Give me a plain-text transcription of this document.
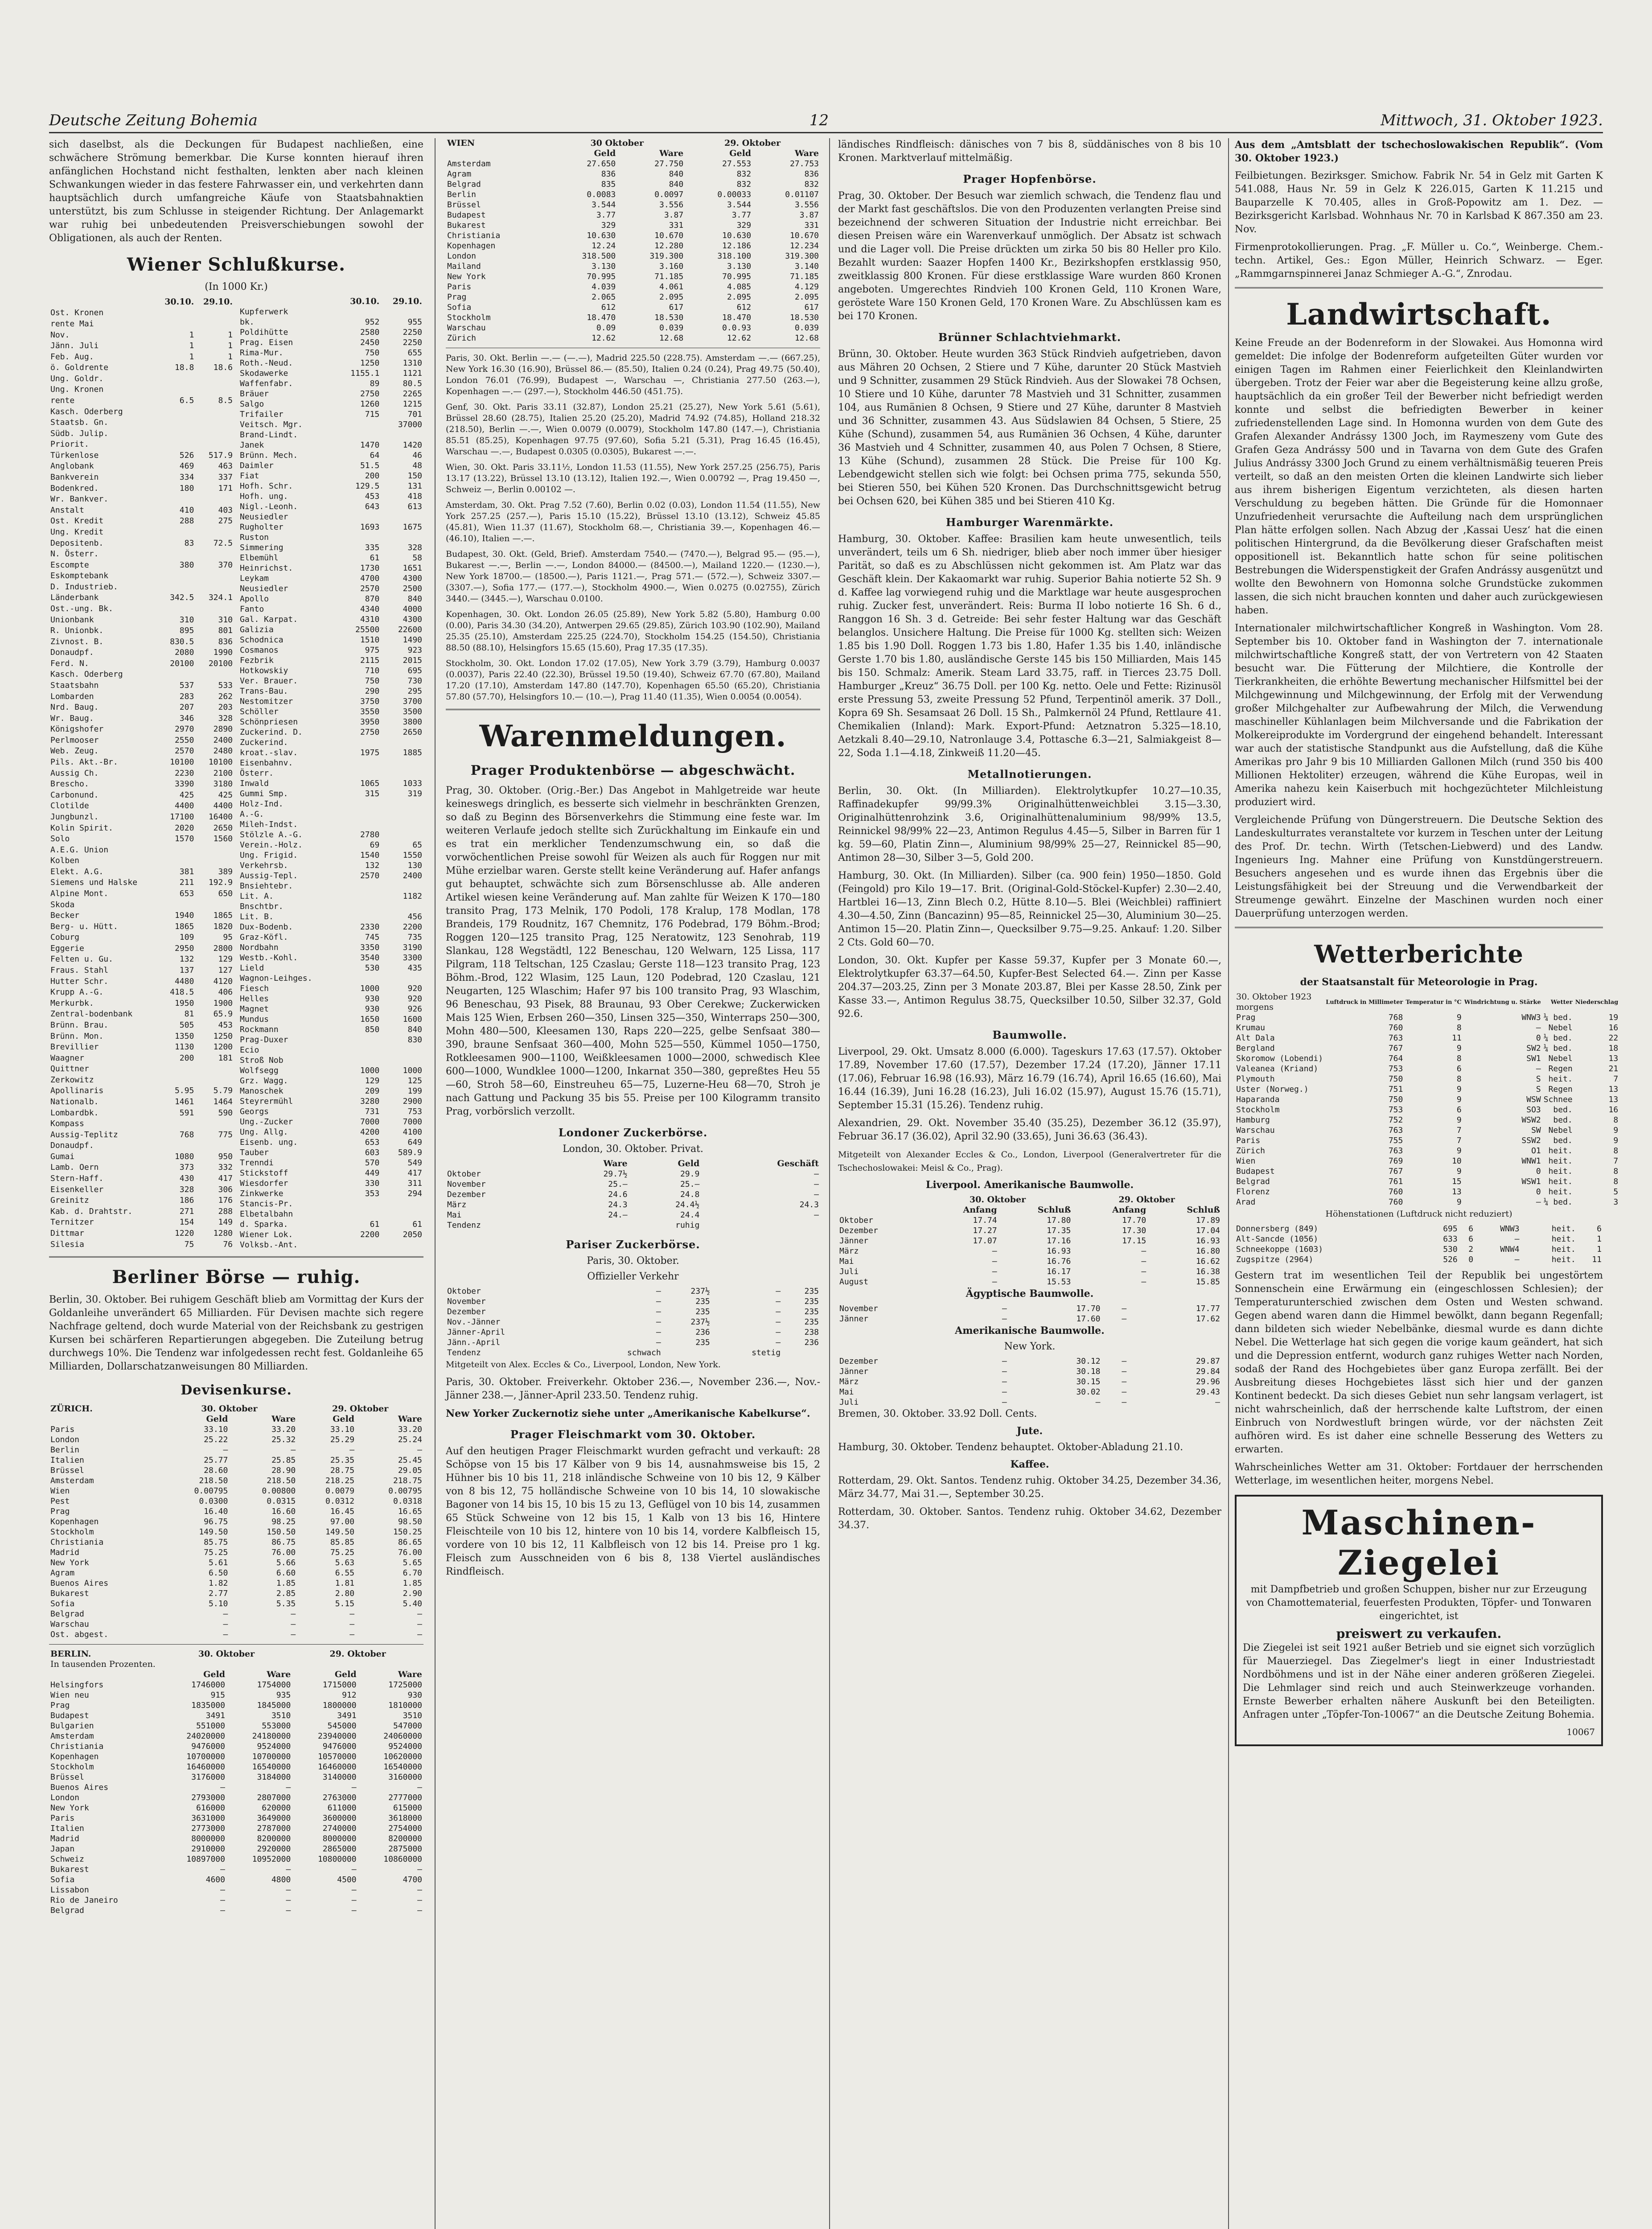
Deutsche Zeitung Bohemia	12	Mittwoch, 31. Oktober 1923.

sich daselbst, als die Deckungen für Budapest nachließen, eine schwächere Strömung bemerkbar. Die Kurse konnten hierauf ihren anfänglichen Hochstand nicht festhalten, lenkten aber nach kleinen Schwankungen wieder in das festere Fahrwasser ein, und verkehrten dann hauptsächlich durch umfangreiche Käufe von Staatsbahnaktien unterstützt, bis zum Schlusse in steigender Richtung. Der Anlagemarkt war ruhig bei unbedeutenden Preisverschiebungen sowohl der Obligationen, als auch der Renten.

Wiener Schlußkurse.
(In 1000 Kr.)
	30.10.	29.10.
Ost. Kronen		
rente Mai		
Nov.	1	1
Jänn. Juli	1	1
Feb. Aug.	1	1
ö. Goldrente	18.8	18.6
Ung. Goldr.		
Ung. Kronen		
rente	6.5	8.5
Kasch. Oderberg		
Staatsb. Gn.		
Südb. Julip.		
Priorit.		
Türkenlose	526	517.9
Anglobank	469	463
Bankverein	334	337
Bodenkred.	180	171
Wr. Bankver.		
Anstalt	410	403
Ost. Kredit	288	275
Ung. Kredit		
Depositenb.	83	72.5
N. Österr.		
Escompte	380	370
Eskomptebank		
D. Industrieb.		
Länderbank	342.5	324.1
Ost.-ung. Bk.		
Unionbank	310	310
R. Unionbk.	895	801
Zivnost. B.	830.5	836
Donaudpf.	2080	1990
Ferd. N.	20100	20100
Kasch. Oderberg		
Staatsbahn	537	533
Lombarden	283	262
Nrd. Baug.	207	203
Wr. Baug.	346	328
Königshofer	2970	2890
Perlmooser	2550	2400
Web. Zeug.	2570	2480
Pils. Akt.-Br.	10100	10100
Aussig Ch.	2230	2100
Brescho.	3390	3180
Carbonund.	425	425
Clotilde	4400	4400
Jungbunzl.	17100	16400
Kolin Spirit.	2020	2650
Solo	1570	1560
A.E.G. Union		
Kolben		
Elekt. A.G.	381	389
Siemens und Halske	211	192.9
Alpine Mont.	653	650
Skoda		
Becker	1940	1865
Berg- u. Hütt.	1865	1820
Coburg	109	95
Eggerie	2950	2800
Felten u. Gu.	132	129
Fraus. Stahl	137	127
Hutter Schr.	4480	4120
Krupp A.-G.	418.5	406
Merkurbk.	1950	1900
Zentral-bodenbank	81	65.9
Brünn. Brau.	505	453
Brünn. Mon.	1350	1250
Brevillier	1130	1200
Waagner	200	181
Quittner		
Zerkowitz		
Apollinaris	5.95	5.79
Nationalb.	1461	1464
Lombardbk.	591	590
Kompass		
Aussig-Teplitz	768	775
Donaudpf.		
Gumai	1080	950
Lamb. Oern	373	332
Stern-Haff.	430	417
Eisenkeller	328	306
Greinitz	186	176
Kab. d. Drahtstr.	271	288
Ternitzer	154	149
Dittmar	1220	1280
Silesia	75	76
	30.10.	29.10.
Kupferwerk		
bk.	952	955
Poldihütte	2580	2250
Prag. Eisen	2450	2250
Rima-Mur.	750	655
Roth.-Neud.	1250	1310
Skodawerke	1155.1	1121
Waffenfabr.	89	80.5
Bräuer	2750	2265
Salgo	1260	1215
Trifailer	715	701
Veitsch. Mgr.		37000
Brand-Lindt.		
Janek	1470	1420
Brünn. Mech.	64	46
Daimler	51.5	48
Fiat	200	150
Hofh. Schr.	129.5	131
Hofh. ung.	453	418
Nigl.-Leonh.	643	613
Neusiedler		
Rugholter	1693	1675
Ruston		
Simmering	335	328
Elbemühl	61	58
Heinrichst.	1730	1651
Leykam	4700	4300
Neusiedler	2570	2500
Apollo	870	840
Fanto	4340	4000
Gal. Karpat.	4310	4300
Galizia	25500	22600
Schodnica	1510	1490
Cosmanos	975	923
Fezbrik	2115	2015
Hotkowskiy	710	695
Ver. Brauer.	750	730
Trans-Bau.	290	295
Nestomitzer	3750	3700
Schöller	3550	3500
Schönpriesen	3950	3800
Zuckerind. D.	2750	2650
Zuckerind.		
kroat.-slav.	1975	1885
Eisenbahnv.		
Österr.		
Inwald	1065	1033
Gummi Smp.	315	319
Holz-Ind.		
A.-G.		
Mileh-Indst.		
Stölzle A.-G.	2780	
Verein.-Holz.	69	65
Ung. Frigid.	1540	1550
Verkehrsb.	132	130
Aussig-Tepl.	2570	2400
Bnsiehtebr.		
Lit. A.		1182
Bnschtbr.		
Lit. B.		456
Dux-Bodenb.	2330	2200
Graz-Köfl.	745	735
Nordbahn	3350	3190
Westb.-Kohl.	3540	3300
Lield	530	435
Wagnon-Leihges.		
Fiesch	1000	920
Helles	930	920
Magnet	930	926
Mundus	1650	1600
Rockmann	850	840
Prag-Duxer		830
Ecio		
Stroß Nob		
Wolfsegg	1000	1000
Grz. Wagg.	129	125
Manoschek	209	199
Steyrermühl	3280	2900
Georgs	731	753
Ung.-Zucker	7000	7000
Ung. Allg.	4200	4100
Eisenb. ung.	653	649
Tauber	603	589.9
Trenndi	570	549
Stickstoff	449	417
Wiesdorfer	330	311
Zinkwerke	353	294
Stancis-Pr.		
Elbetalbahn		
d. Sparka.	61	61
Wiener Lok.	2200	2050
Volksb.-Ant.		
Berliner Börse — ruhig.

Berlin, 30. Oktober. Bei ruhigem Geschäft blieb am Vormittag der Kurs der Goldanleihe unverändert 65 Milliarden. Für Devisen machte sich regere Nachfrage geltend, doch wurde Material von der Reichsbank zu gestrigen Kursen bei schärferen Repartierungen abgegeben. Die Zuteilung betrug durchwegs 10%. Die Tendenz war infolgedessen recht fest. Goldanleihe 65 Milliarden, Dollarschatzanweisungen 80 Milliarden.

Devisenkurse.
ZÜRICH.	30. Oktober		29. Oktober	
	Geld	Ware	Geld	Ware
Paris	33.10	33.20	33.10	33.20
London	25.22	25.32	25.29	25.24
Berlin	—	—	—	—
Italien	25.77	25.85	25.35	25.45
Brüssel	28.60	28.90	28.75	29.05
Amsterdam	218.50	218.50	218.25	218.75
Wien	0.00795	0.00800	0.0079	0.00795
Pest	0.0300	0.0315	0.0312	0.0318
Prag	16.40	16.60	16.45	16.65
Kopenhagen	96.75	98.25	97.00	98.50
Stockholm	149.50	150.50	149.50	150.25
Christiania	85.75	86.75	85.85	86.65
Madrid	75.25	76.00	75.25	76.00
New York	5.61	5.66	5.63	5.65
Agram	6.50	6.60	6.55	6.70
Buenos Aires	1.82	1.85	1.81	1.85
Bukarest	2.77	2.85	2.80	2.90
Sofia	5.10	5.35	5.15	5.40
Belgrad	—	—	—	—
Warschau	—	—	—	—
Ost. abgest.	—	—	—	—
BERLIN.	30. Oktober		29. Oktober	
In tausenden Prozenten.				
	Geld	Ware	Geld	Ware
Helsingfors	1746000	1754000	1715000	1725000
Wien neu	915	935	912	930
Prag	1835000	1845000	1800000	1810000
Budapest	3491	3510	3491	3510
Bulgarien	551000	553000	545000	547000
Amsterdam	24020000	24180000	23940000	24060000
Christiania	9476000	9524000	9476000	9524000
Kopenhagen	10700000	10700000	10570000	10620000
Stockholm	16460000	16540000	16460000	16540000
Brüssel	3176000	3184000	3140000	3160000
Buenos Aires	—	—	—	—
London	2793000	2807000	2763000	2777000
New York	616000	620000	611000	615000
Paris	3631000	3649000	3600000	3618000
Italien	2773000	2787000	2740000	2754000
Madrid	8000000	8200000	8000000	8200000
Japan	2910000	2920000	2865000	2875000
Schweiz	10897000	10952000	10800000	10860000
Bukarest	—	—	—	—
Sofia	4600	4800	4500	4700
Lissabon	—	—	—	—
Rio de Janeiro	—	—	—	—
Belgrad	—	—	—	—
WIEN	30 Oktober		29. Oktober	
	Geld	Ware	Geld	Ware
Amsterdam	27.650	27.750	27.553	27.753
Agram	836	840	832	836
Belgrad	835	840	832	832
Berlin	0.0083	0.0097	0.00033	0.01107
Brüssel	3.544	3.556	3.544	3.556
Budapest	3.77	3.87	3.77	3.87
Bukarest	329	331	329	331
Christiania	10.630	10.670	10.630	10.670
Kopenhagen	12.24	12.280	12.186	12.234
London	318.500	319.300	318.100	319.300
Mailand	3.130	3.160	3.130	3.140
New York	70.995	71.185	70.995	71.185
Paris	4.039	4.061	4.085	4.129
Prag	2.065	2.095	2.095	2.095
Sofia	612	617	612	617
Stockholm	18.470	18.530	18.470	18.530
Warschau	0.09	0.039	0.0.93	0.039
Zürich	12.62	12.68	12.62	12.68

Paris, 30. Okt. Berlin —.— (—.—), Madrid 225.50 (228.75). Amsterdam —.— (667.25), New York 16.30 (16.90), Brüssel 86.— (85.50), Italien 0.24 (0.24), Prag 49.75 (50.40), London 76.01 (76.99), Budapest —, Warschau —, Christiania 277.50 (263.—), Kopenhagen —.— (297.—), Stockholm 446.50 (451.75).

Genf, 30. Okt. Paris 33.11 (32.87), London 25.21 (25.27), New York 5.61 (5.61), Brüssel 28.60 (28.75), Italien 25.20 (25.20), Madrid 74.92 (74.85), Holland 218.32 (218.50), Berlin —.—, Wien 0.0079 (0.0079), Stockholm 147.80 (147.—), Christiania 85.51 (85.25), Kopenhagen 97.75 (97.60), Sofia 5.21 (5.31), Prag 16.45 (16.45), Warschau —.—, Budapest 0.0305 (0.0305), Bukarest —.—.

Wien, 30. Okt. Paris 33.11½, London 11.53 (11.55), New York 257.25 (256.75), Paris 13.17 (13.22), Brüssel 13.10 (13.12), Italien 192.—, Wien 0.00792 —, Prag 19.450 —, Schweiz —, Berlin 0.00102 —.

Amsterdam, 30. Okt. Prag 7.52 (7.60), Berlin 0.02 (0.03), London 11.54 (11.55), New York 257.25 (257.—), Paris 15.10 (15.22), Brüssel 13.10 (13.12), Schweiz 45.85 (45.81), Wien 11.37 (11.67), Stockholm 68.—, Christiania 39.—, Kopenhagen 46.— (46.10), Italien —.—.

Budapest, 30. Okt. (Geld, Brief). Amsterdam 7540.— (7470.—), Belgrad 95.— (95.—), Bukarest —.—, Berlin —.—, London 84000.— (84500.—), Mailand 1220.— (1230.—), New York 18700.— (18500.—), Paris 1121.—, Prag 571.— (572.—), Schweiz 3307.— (3307.—), Sofia 177.— (177.—), Stockholm 4900.—, Wien 0.0275 (0.02755), Zürich 3440.— (3445.—), Warschau 0.0100.

Kopenhagen, 30. Okt. London 26.05 (25.89), New York 5.82 (5.80), Hamburg 0.00 (0.00), Paris 34.30 (34.20), Antwerpen 29.65 (29.85), Zürich 103.90 (102.90), Mailand 25.35 (25.10), Amsterdam 225.25 (224.70), Stockholm 154.25 (154.50), Christiania 88.50 (88.10), Helsingfors 15.65 (15.60), Prag 17.35 (17.35).

Stockholm, 30. Okt. London 17.02 (17.05), New York 3.79 (3.79), Hamburg 0.0037 (0.0037), Paris 22.40 (22.30), Brüssel 19.50 (19.40), Schweiz 67.70 (67.80), Mailand 17.20 (17.10), Amsterdam 147.80 (147.70), Kopenhagen 65.50 (65.20), Christiania 57.80 (57.70), Helsingfors 10.— (10.—), Prag 11.40 (11.35), Wien 0.0054 (0.0054).

Warenmeldungen.
Prager Produktenbörse — abgeschwächt.

Prag, 30. Oktober. (Orig.-Ber.) Das Angebot in Mahlgetreide war heute keineswegs dringlich, es besserte sich vielmehr in beschränkten Grenzen, so daß zu Beginn des Börsenverkehrs die Stimmung eine feste war. Im weiteren Verlaufe jedoch stellte sich Zurückhaltung im Einkaufe ein und es trat ein merklicher Tendenzumschwung ein, so daß die vorwöchentlichen Preise sowohl für Weizen als auch für Roggen nur mit Mühe erzielbar waren. Gerste stellt keine Veränderung auf. Hafer anfangs gut behauptet, schwächte sich zum Börsenschlusse ab. Alle anderen Artikel wiesen keine Veränderung auf. Man zahlte für Weizen K 170—180 transito Prag, 173 Melnik, 170 Podoli, 178 Kralup, 178 Modlan, 178 Brandeis, 179 Roudnitz, 167 Chemnitz, 176 Podebrad, 179 Böhm.-Brod; Roggen 120—125 transito Prag, 125 Neratowitz, 123 Senohrab, 119 Slankau, 128 Wegstädtl, 122 Beneschau, 120 Welwarn, 125 Lissa, 117 Pilgram, 118 Teltschan, 125 Czaslau; Gerste 118—123 transito Prag, 123 Böhm.-Brod, 122 Wlasim, 125 Laun, 120 Podebrad, 120 Czaslau, 121 Neugarten, 125 Wlaschim; Hafer 97 bis 100 transito Prag, 93 Wlaschim, 96 Beneschau, 93 Pisek, 88 Braunau, 93 Ober Cerekwe; Zuckerwicken Mais 125 Wien, Erbsen 260—350, Linsen 325—350, Winterraps 250—300, Mohn 480—500, Kleesamen 130, Raps 220—225, gelbe Senfsaat 380—390, braune Senfsaat 360—400, Mohn 525—550, Kümmel 1050—1750, Rotkleesamen 900—1100, Weißkleesamen 1000—2000, schwedisch Klee 600—1000, Wundklee 1000—1200, Inkarnat 350—380, gepreßtes Heu 55—60, Stroh 58—60, Einstreuheu 65—75, Luzerne-Heu 68—70, Stroh je nach Gattung und Packung 35 bis 55. Preise per 100 Kilogramm transito Prag, vorbörslich verzollt.

Londoner Zuckerbörse.
London, 30. Oktober. Privat.
	Ware	Geld	Geschäft
Oktober	29.7½	29.9	—
November	25.—	25.—	—
Dezember	24.6	24.8	—
März	24.3	24.4½	24.3
Mai	24.—	24.4	—
Tendenz		ruhig	
Pariser Zuckerbörse.
Paris, 30. Oktober.
Offizieller Verkehr
Oktober	—	237½	—	235
November	—	235	—	235
Dezember	—	235	—	235
Nov.-Jänner	—	237½	—	235
Jänner-April	—	236	—	238
Jänn.-April	—	235	—	236
Tendenz	schwach		stetig	

Mitgeteilt von Alex. Eccles & Co., Liverpool, London, New York.

Paris, 30. Oktober. Freiverkehr. Oktober 236.—, November 236.—, Nov.-Jänner 238.—, Jänner-April 233.50. Tendenz ruhig.

New Yorker Zuckernotiz siehe unter „Amerikanische Kabelkurse“.

Prager Fleischmarkt vom 30. Oktober.

Auf den heutigen Prager Fleischmarkt wurden gefracht und verkauft: 28 Schöpse von 15 bis 17 Kälber von 9 bis 14, ausnahmsweise bis 15, 2 Hühner bis 10 bis 11, 218 inländische Schweine von 10 bis 12, 9 Kälber von 8 bis 12, 75 holländische Schweine von 10 bis 14, 10 slowakische Bagoner von 14 bis 15, 10 bis 15 zu 13, Geflügel von 10 bis 14, zusammen 65 Stück Schweine von 12 bis 15, 1 Kalb von 13 bis 16, Hintere Fleischteile von 10 bis 12, hintere von 10 bis 14, vordere Kalbfleisch 15, vordere von 10 bis 12, 11 Kalbfleisch von 12 bis 14. Preise pro 1 kg. Fleisch zum Ausschneiden von 6 bis 8, 138 Viertel ausländisches Rindfleisch.

ländisches Rindfleisch: dänisches von 7 bis 8, süddänisches von 8 bis 10 Kronen. Marktverlauf mittelmäßig.

Prager Hopfenbörse.

Prag, 30. Oktober. Der Besuch war ziemlich schwach, die Tendenz flau und der Markt fast geschäftslos. Die von den Produzenten verlangten Preise sind bezeichnend der schweren Situation der Industrie nicht erreichbar. Bei diesen Preisen wäre ein Warenverkauf unmöglich. Der Absatz ist schwach und die Lager voll. Die Preise drückten um zirka 50 bis 80 Heller pro Kilo. Bezahlt wurden: Saazer Hopfen 1400 Kr., Bezirkshopfen erstklassig 950, zweitklassig 800 Kronen. Für diese erstklassige Ware wurden 860 Kronen angeboten. Umgerechtes Rindvieh 100 Kronen Geld, 110 Kronen Ware, geröstete Ware 150 Kronen Geld, 170 Kronen Ware. Zu Abschlüssen kam es bei 170 Kronen.

Brünner Schlachtviehmarkt.

Brünn, 30. Oktober. Heute wurden 363 Stück Rindvieh aufgetrieben, davon aus Mähren 20 Ochsen, 2 Stiere und 7 Kühe, darunter 20 Stück Mastvieh und 9 Schnitter, zusammen 29 Stück Rindvieh. Aus der Slowakei 78 Ochsen, 10 Stiere und 10 Kühe, darunter 78 Mastvieh und 31 Schnitter, zusammen 104, aus Rumänien 8 Ochsen, 9 Stiere und 27 Kühe, darunter 8 Mastvieh und 36 Schnitter, zusammen 43. Aus Südslawien 84 Ochsen, 5 Stiere, 25 Kühe (Schund), zusammen 54, aus Rumänien 36 Ochsen, 4 Kühe, darunter 36 Mastvieh und 4 Schnitter, zusammen 40, aus Polen 7 Ochsen, 8 Stiere, 13 Kühe (Schund), zusammen 28 Stück. Die Preise für 100 Kg. Lebendgewicht stellen sich wie folgt: bei Ochsen prima 775, sekunda 550, bei Stieren 550, bei Kühen 520 Kronen. Das Durchschnittsgewicht betrug bei Ochsen 620, bei Kühen 385 und bei Stieren 410 Kg.

Hamburger Warenmärkte.

Hamburg, 30. Oktober. Kaffee: Brasilien kam heute unwesentlich, teils unverändert, teils um 6 Sh. niedriger, blieb aber noch immer über hiesiger Parität, so daß es zu Abschlüssen nicht gekommen ist. Am Platz war das Geschäft klein. Der Kakaomarkt war ruhig. Superior Bahia notierte 52 Sh. 9 d. Kaffee lag vorwiegend ruhig und die Marktlage war heute ausgesprochen ruhig. Zucker fest, unverändert. Reis: Burma II lobo notierte 16 Sh. 6 d., Ranggon 16 Sh. 3 d. Getreide: Bei sehr fester Haltung war das Geschäft belanglos. Unsichere Haltung. Die Preise für 1000 Kg. stellten sich: Weizen 1.85 bis 1.90 Doll. Roggen 1.73 bis 1.80, Hafer 1.35 bis 1.40, inländische Gerste 1.70 bis 1.80, ausländische Gerste 145 bis 150 Milliarden, Mais 145 bis 150. Schmalz: Amerik. Steam Lard 33.75, raff. in Tierces 23.75 Doll. Hamburger „Kreuz“ 36.75 Doll. per 100 Kg. netto. Oele und Fette: Rizinusöl erste Pressung 53, zweite Pressung 52 Pfund, Terpentinöl amerik. 37 Doll., Kopra 69 Sh. Sesamsaat 26 Doll. 15 Sh., Palmkernöl 24 Pfund, Rettlaure 41. Chemikalien (Inland): Mark. Export-Pfund: Aetznatron 5.325—18.10, Aetzkali 8.40—29.10, Natronlauge 3.4, Pottasche 6.3—21, Salmiakgeist 8—22, Soda 1.1—4.18, Zinkweiß 11.20—45.

Metallnotierungen.

Berlin, 30. Okt. (In Milliarden). Elektrolytkupfer 10.27—10.35, Raffinadekupfer 99/99.3% Originalhüttenweichblei 3.15—3.30, Originalhüttenrohzink 3.6, Originalhüttenaluminium 98/99% 13.5, Reinnickel 98/99% 22—23, Antimon Regulus 4.45—5, Silber in Barren für 1 kg. 59—60, Platin Zinn—, Aluminium 98/99% 25—27, Reinnickel 85—90, Antimon 28—30, Silber 3—5, Gold 200.

Hamburg, 30. Okt. (In Milliarden). Silber (ca. 900 fein) 1950—1850. Gold (Feingold) pro Kilo 19—17. Brit. (Original-Gold-Stöckel-Kupfer) 2.30—2.40, Hartblei 16—13, Zinn Blech 0.2, Hütte 8.10—5. Blei (Weichblei) raffiniert 4.30—4.50, Zinn (Bancazinn) 95—85, Reinnickel 25—30, Aluminium 30—25. Antimon 15—20. Platin Zinn—, Quecksilber 9.75—9.25. Ankauf: 1.20. Silber 2 Cts. Gold 60—70.

London, 30. Okt. Kupfer per Kasse 59.37, Kupfer per 3 Monate 60.—, Elektrolytkupfer 63.37—64.50, Kupfer-Best Selected 64.—. Zinn per Kasse 204.37—203.25, Zinn per 3 Monate 203.87, Blei per Kasse 28.50, Zink per Kasse 33.—, Antimon Regulus 38.75, Quecksilber 10.50, Silber 32.37, Gold 92.6.

Baumwolle.

Liverpool, 29. Okt. Umsatz 8.000 (6.000). Tageskurs 17.63 (17.57). Oktober 17.89, November 17.60 (17.57), Dezember 17.24 (17.20), Jänner 17.11 (17.06), Februar 16.98 (16.93), März 16.79 (16.74), April 16.65 (16.60), Mai 16.44 (16.39), Juni 16.28 (16.23), Juli 16.02 (15.97), August 15.76 (15.71), September 15.31 (15.26). Tendenz ruhig.

Alexandrien, 29. Okt. November 35.40 (35.25), Dezember 36.12 (35.97), Februar 36.17 (36.02), April 32.90 (33.65), Juni 36.63 (36.43).

Mitgeteilt von Alexander Eccles & Co., London, Liverpool (Generalvertreter für die Tschechoslowakei: Meisl & Co., Prag).

Liverpool. Amerikanische Baumwolle.
	30. Oktober		29. Oktober	
	Anfang	Schluß	Anfang	Schluß
Oktober	17.74	17.80	17.70	17.89
Dezember	17.27	17.35	17.30	17.04
Jänner	17.07	17.16	17.15	16.93
März	—	16.93	—	16.80
Mai	—	16.76	—	16.62
Juli	—	16.17	—	16.38
August	—	15.53	—	15.85
Ägyptische Baumwolle.
November	—	17.70	—	17.77
Jänner	—	17.60	—	17.62
Amerikanische Baumwolle.
New York.
Dezember	—	30.12	—	29.87
Jänner	—	30.18	—	29.84
März	—	30.15	—	29.96
Mai	—	30.02	—	29.43
Juli	—	—	—	—

Bremen, 30. Oktober. 33.92 Doll. Cents.

Jute.

Hamburg, 30. Oktober. Tendenz behauptet. Oktober-Abladung 21.10.

Kaffee.

Rotterdam, 29. Okt. Santos. Tendenz ruhig. Oktober 34.25, Dezember 34.36, März 34.77, Mai 31.—, September 30.25.

Rotterdam, 30. Oktober. Santos. Tendenz ruhig. Oktober 34.62, Dezember 34.37.

Aus dem „Amtsblatt der tschechoslowakischen Republik“. (Vom 30. Oktober 1923.)

Feilbietungen. Bezirksger. Smichow. Fabrik Nr. 54 in Gelz mit Garten K 541.088, Haus Nr. 59 in Gelz K 226.015, Garten K 11.215 und Bauparzelle K 70.405, alles in Groß-Popowitz am 1. Dez. — Bezirksgericht Karlsbad. Wohnhaus Nr. 70 in Karlsbad K 867.350 am 23. Nov.

Firmenprotokollierungen. Prag. „F. Müller u. Co.“, Weinberge. Chem.-techn. Artikel, Ges.: Egon Müller, Heinrich Schwarz. — Eger. „Rammgarnspinnerei Janaz Schmieger A.-G.“, Znrodau.

Landwirtschaft.

Keine Freude an der Bodenreform in der Slowakei. Aus Homonna wird gemeldet: Die infolge der Bodenreform aufgeteilten Güter wurden vor einigen Tagen im Rahmen einer Feierlichkeit den Kleinlandwirten übergeben. Trotz der Feier war aber die Begeisterung keine allzu große, hauptsächlich da ein großer Teil der Bewerber nicht befriedigt werden konnte und selbst die befriedigten Bewerber in keiner zufriedenstellenden Lage sind. In Homonna wurden von dem Gute des Grafen Alexander Andrássy 1300 Joch, im Raymeszeny vom Gute des Grafen Geza Andrássy 500 und in Tavarna von dem Gute des Grafen Julius Andrássy 3300 Joch Grund zu einem verhältnismäßig teueren Preis verteilt, so daß an den meisten Orten die kleinen Landwirte sich lieber aus ihrem bisherigen Eigentum verzichteten, als diesen harten Verschuldung zu begeben hätten. Die Gründe für die Homonnaer Unzufriedenheit verursachte die Aufteilung nach dem ursprünglichen Plan hätte erfolgen sollen. Nach Abzug der ‚Kassai Uesz‘ hat die einen politischen Hintergrund, da die Bevölkerung dieser Grafschaften meist oppositionell ist. Bekanntlich hatte schon für seine politischen Bestrebungen die Widerspenstigkeit der Grafen Andrássy ausgenützt und wollte den Bewohnern von Homonna solche Grundstücke zukommen lassen, die sich nicht brauchen konnten und daher auch zurückgewiesen haben.

Internationaler milchwirtschaftlicher Kongreß in Washington. Vom 28. September bis 10. Oktober fand in Washington der 7. internationale milchwirtschaftliche Kongreß statt, der von Vertretern von 42 Staaten besucht war. Die Fütterung der Milchtiere, die Kontrolle der Tierkrankheiten, die erhöhte Bewertung mechanischer Hilfsmittel bei der Milchgewinnung und Milchgewinnung, der Erfolg mit der Verwendung großer Milchgehalter zur Aufbewahrung der Milch, die Verwendung maschineller Kühlanlagen beim Milchversande und die Fabrikation der Molkereiprodukte im Vordergrund der eingehend behandelt. Interessant war auch der statistische Standpunkt aus die Aufstellung, daß die Kühe Amerikas pro Jahr 9 bis 10 Milliarden Gallonen Milch (rund 350 bis 400 Millionen Hektoliter) erzeugen, während die Kühe Europas, weil in Amerika nahezu kein Kaiserbuch mit hochgezüchteter Milchleistung produziert wird.

Vergleichende Prüfung von Düngerstreuern. Die Deutsche Sektion des Landeskulturrates veranstaltete vor kurzem in Teschen unter der Leitung des Prof. Dr. techn. Wirth (Tetschen-Liebwerd) und des Landw. Ingenieurs Ing. Mahner eine Prüfung von Kunstdüngerstreuern. Besuchers angesehen und es wurde ihnen das Ergebnis über die Leistungsfähigkeit bei der Streuung und die Verwendbarkeit der Streumenge gewährt. Einzelne der Maschinen wurden noch einer Dauerprüfung unterzogen werden.

Wetterberichte
der Staatsanstalt für Meteorologie in Prag.
30. Oktober 1923
morgens	Luftdruck in Millimeter	Temperatur in °C	Windrichtung u. Stärke	Wetter	Niederschlag
Prag	768	9	WNW3	¼ bed.	19
Krumau	760	8	—	Nebel	16
Alt Dala	763	11	0	¼ bed.	22
Bergland	767	9	SW2	¼ bed.	18
Skoromow (Lobendi)	764	8	SW1	Nebel	13
Valeanea (Kriand)	753	6	—	Regen	21
Plymouth	750	8	S	heit.	7
Uster (Norweg.)	751	9	S	Regen	13
Haparanda	750	9	WSW	Schnee	13
Stockholm	753	6	SO3	bed.	16
Hamburg	752	9	WSW2	bed.	8
Warschau	763	7	SW	Nebel	9
Paris	755	7	SSW2	bed.	9
Zürich	763	9	O1	heit.	8
Wien	769	10	WNW1	heit.	7
Budapest	767	9	0	heit.	8
Belgrad	761	15	WSW1	heit.	8
Florenz	760	13	0	heit.	5
Arad	760	9	—	¼ bed.	3
Höhenstationen (Luftdruck nicht reduziert)
Donnersberg (849)	695	6	WNW3	heit.	6
Alt-Sancde (1056)	633	6	—	heit.	1
Schneekoppe (1603)	530	2	WNW4	heit.	1
Zugspitze (2964)	526	0	—	heit.	11

Gestern trat im wesentlichen Teil der Republik bei ungestörtem Sonnenschein eine Erwärmung ein (eingeschlossen Schlesien); der Temperaturunterschied zwischen dem Osten und Westen schwand. Gegen abend waren dann die Himmel bewölkt, dann begann Regenfall; dann bildeten sich wieder Nebelbänke, diesmal wurde es dann dichte Nebel. Die Wetterlage hat sich gegen die vorige kaum geändert, hat sich und die Depression entfernt, wodurch ganz ruhiges Wetter nach Norden, sodaß der Rand des Hochgebietes über ganz Europa zerfällt. Bei der Ausbreitung dieses Hochgebietes lässt sich hier und der ganzen Kontinent bedeckt. Da sich dieses Gebiet nun sehr langsam verlagert, ist nicht wahrscheinlich, daß der herrschende kalte Luftstrom, der einen Einbruch von Nordwestluft bringen würde, vor der nächsten Zeit aufhören wird. Es ist daher eine schnelle Besserung des Wetters zu erwarten.

Wahrscheinliches Wetter am 31. Oktober: Fortdauer der herrschenden Wetterlage, im wesentlichen heiter, morgens Nebel.

Maschinen-Ziegelei

mit Dampfbetrieb und großen Schuppen, bisher nur zur Erzeugung von Chamottematerial, feuerfesten Produkten, Töpfer- und Tonwaren eingerichtet, ist

preiswert zu verkaufen.

Die Ziegelei ist seit 1921 außer Betrieb und sie eignet sich vorzüglich für Mauerziegel. Das Ziegelmer's liegt in einer Industriestadt Nordböhmens und ist in der Nähe einer anderen größeren Ziegelei. Die Lehmlager sind reich und auch Steinwerkzeuge vorhanden. Ernste Bewerber erhalten nähere Auskunft bei den Beteiligten. Anfragen unter „Töpfer-Ton-10067“ an die Deutsche Zeitung Bohemia.

10067
